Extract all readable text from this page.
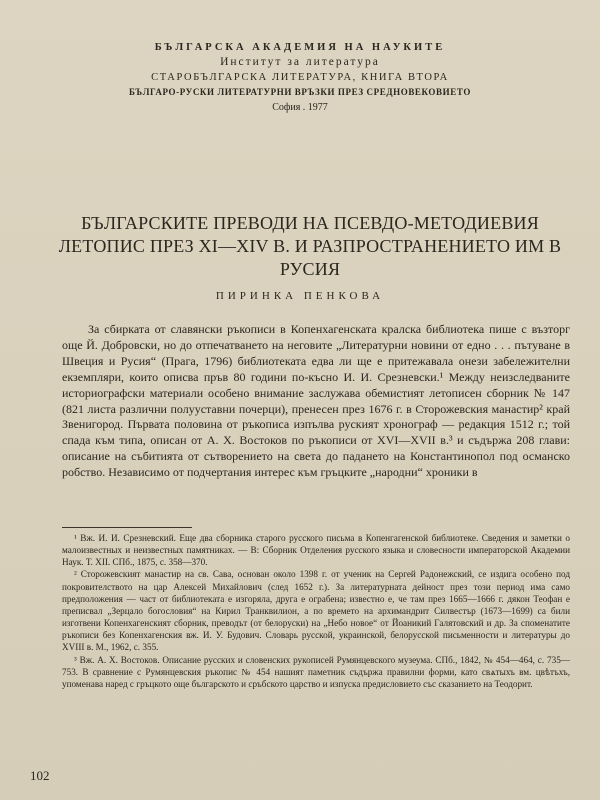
БЪЛГАРСКА АКАДЕМИЯ НА НАУКИТЕ

Институт за литература

СТАРОБЪЛГАРСКА ЛИТЕРАТУРА, КНИГА ВТОРА

БЪЛГАРО-РУСКИ ЛИТЕРАТУРНИ ВРЪЗКИ ПРЕЗ СРЕДНОВЕКОВИЕТО

София . 1977

БЪЛГАРСКИТЕ ПРЕВОДИ НА ПСЕВДО-МЕТОДИЕВИЯ ЛЕТОПИС ПРЕЗ XI—XIV В. И РАЗПРОСТРАНЕНИЕТО ИМ В РУСИЯ

ПИРИНКА ПЕНКОВА

За сбирката от славянски ръкописи в Копенхагенската кралска библиотека пише с възторг още Й. Добровски, но до отпечатването на неговите „Литературни новини от едно . . . пътуване в Швеция и Русия“ (Прага, 1796) библиотеката едва ли ще е притежавала онези забележителни екземпляри, които описва пръв 80 години по-късно И. И. Срезневски.¹ Между неизследваните историографски материали особено внимание заслужава обемистият летописен сборник № 147 (821 листа различни полууставни почерци), пренесен през 1676 г. в Сторожевския манастир² край Звенигород. Първата половина от ръкописа изпълва руският хронограф — редакция 1512 г.; той спада към типа, описан от А. Х. Востоков по ръкописи от XVI—XVII в.³ и съдържа 208 глави: описание на събитията от сътворението на света до падането на Константинопол под османско робство. Независимо от подчертания интерес към гръцките „народни“ хроники в

¹ Вж. И. И. Срезневский. Еще два сборника старого русского письма в Копенгагенской библиотеке. Сведения и заметки о малоизвестных и неизвестных памятниках. — В: Сборник Отделения русского языка и словесности императорской Академии Наук. Т. XII. СПб., 1875, с. 358—370.

² Сторожевският манастир на св. Сава, основан около 1398 г. от ученик на Сергей Радонежский, се издига особено под покровителството на цар Алексей Михайлович (след 1652 г.). За литературната дейност през този период има само предположения — част от библиотеката е изгоряла, друга е ограбена; известно е, че там през 1665—1666 г. дякон Теофан е преписвал „Зерцало богословия“ на Кирил Транквилион, а по времето на архимандрит Силвестър (1673—1699) са били изготвени Копенхагенският сборник, преводът (от белоруски) на „Небо новое“ от Йоаникий Галятовский и др. За споменатите ръкописи без Копенхагенския вж. И. У. Будович. Словарь русской, украинской, белорусской письменности и литературы до XVIII в. М., 1962, с. 355.

³ Вж. А. Х. Востоков. Описание русских и словенских рукописей Румянцевского музеума. СПб., 1842, № 454—464, с. 735—753. В сравнение с Румянцевския ръкопис № 454 нашият паметник съдържа правилни форми, като свѧтыхъ вм. цвѣтъхъ, упоменава наред с гръцкото още българското и сръбското царство и изпуска предисловието със сказанието на Теодорит.

102
